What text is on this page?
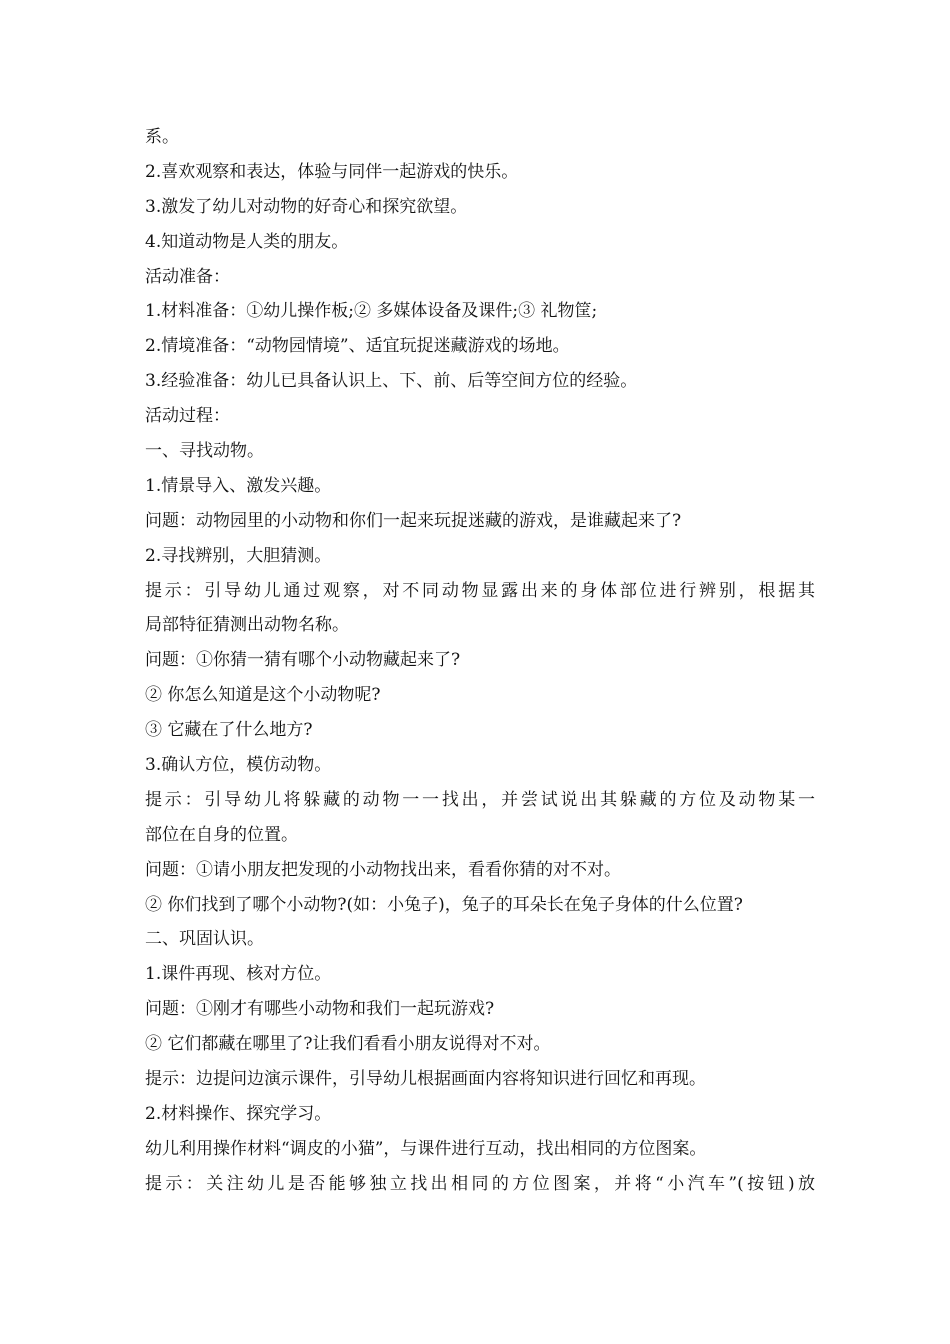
系。
2.喜欢观察和表达，体验与同伴一起游戏的快乐。
3.激发了幼儿对动物的好奇心和探究欲望。
4.知道动物是人类的朋友。
活动准备：
1.材料准备：①幼儿操作板;② 多媒体设备及课件;③ 礼物筐;
2.情境准备：“动物园情境”、适宜玩捉迷藏游戏的场地。
3.经验准备：幼儿已具备认识上、下、前、后等空间方位的经验。
活动过程：
一、寻找动物。
1.情景导入、激发兴趣。
问题：动物园里的小动物和你们一起来玩捉迷藏的游戏，是谁藏起来了?
2.寻找辨别，大胆猜测。
提示：引导幼儿通过观察，对不同动物显露出来的身体部位进行辨别，根据其
局部特征猜测出动物名称。
问题：①你猜一猜有哪个小动物藏起来了?
② 你怎么知道是这个小动物呢?
③ 它藏在了什么地方?
3.确认方位，模仿动物。
提示：引导幼儿将躲藏的动物一一找出，并尝试说出其躲藏的方位及动物某一
部位在自身的位置。
问题：①请小朋友把发现的小动物找出来，看看你猜的对不对。
② 你们找到了哪个小动物?(如：小兔子)，兔子的耳朵长在兔子身体的什么位置?
二、巩固认识。
1.课件再现、核对方位。
问题：①刚才有哪些小动物和我们一起玩游戏?
② 它们都藏在哪里了?让我们看看小朋友说得对不对。
提示：边提问边演示课件，引导幼儿根据画面内容将知识进行回忆和再现。
2.材料操作、探究学习。
幼儿利用操作材料“调皮的小猫”，与课件进行互动，找出相同的方位图案。
提示：关注幼儿是否能够独立找出相同的方位图案，并将“小汽车”(按钮)放
